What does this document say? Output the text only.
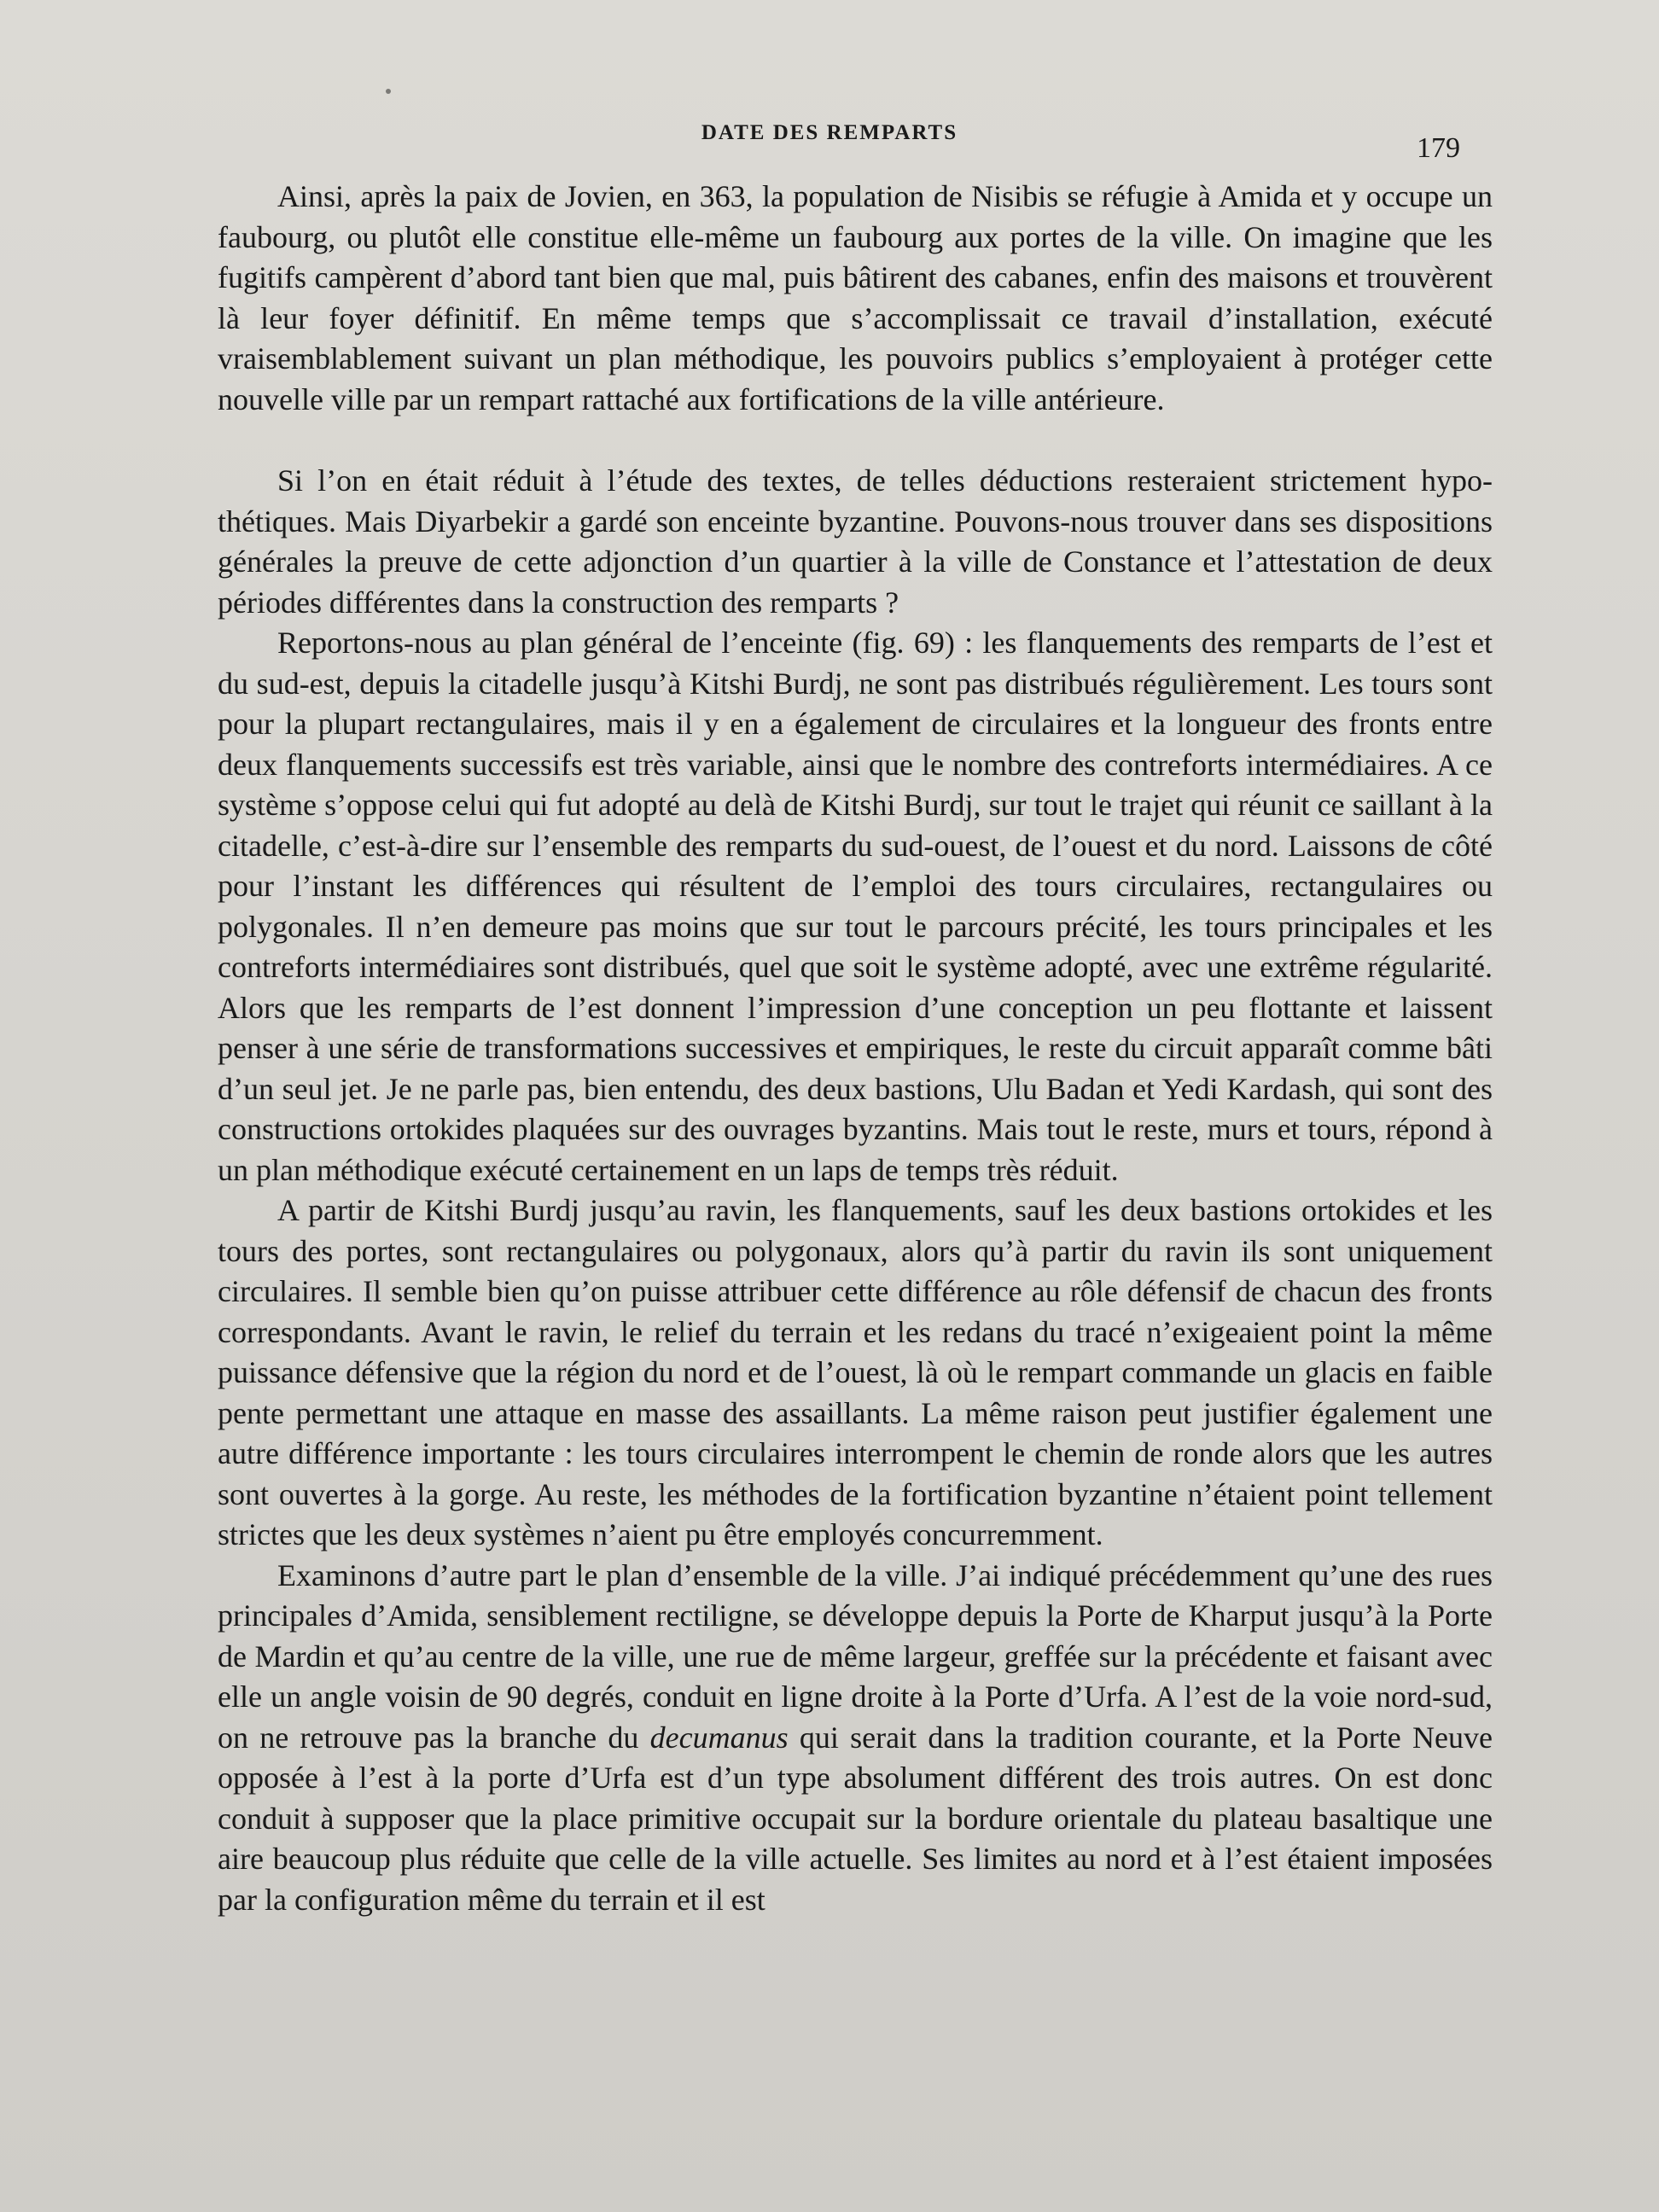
DATE DES REMPARTS	179

Ainsi, après la paix de Jovien, en 363, la population de Nisibis se réfugie à Amida et y occupe un faubourg, ou plutôt elle constitue elle-même un faubourg aux portes de la ville. On imagine que les fugitifs campèrent d’abord tant bien que mal, puis bâtirent des cabanes, enfin des maisons et trouvèrent là leur foyer définitif. En même temps que s’accomplissait ce travail d’installation, exécuté vraisemblablement suivant un plan méthodique, les pouvoirs publics s’employaient à protéger cette nouvelle ville par un rempart rattaché aux fortifications de la ville antérieure.

Si l’on en était réduit à l’étude des textes, de telles déductions resteraient strictement hypothétiques. Mais Diyarbekir a gardé son enceinte byzantine. Pouvons-nous trouver dans ses dispositions générales la preuve de cette adjonction d’un quartier à la ville de Constance et l’attestation de deux périodes différentes dans la construction des remparts ?

Reportons-nous au plan général de l’enceinte (fig. 69) : les flanquements des remparts de l’est et du sud-est, depuis la citadelle jusqu’à Kitshi Burdj, ne sont pas distribués régulièrement. Les tours sont pour la plupart rectangulaires, mais il y en a également de circulaires et la longueur des fronts entre deux flanquements successifs est très variable, ainsi que le nombre des contreforts intermédiaires. A ce système s’oppose celui qui fut adopté au delà de Kitshi Burdj, sur tout le trajet qui réunit ce saillant à la citadelle, c’est-à-dire sur l’ensemble des remparts du sud-ouest, de l’ouest et du nord. Laissons de côté pour l’instant les différences qui résultent de l’emploi des tours circulaires, rectangulaires ou polygonales. Il n’en demeure pas moins que sur tout le parcours précité, les tours principales et les contreforts intermédiaires sont distribués, quel que soit le système adopté, avec une extrême régularité. Alors que les remparts de l’est donnent l’impression d’une conception un peu flottante et laissent penser à une série de transformations successives et empiriques, le reste du circuit apparaît comme bâti d’un seul jet. Je ne parle pas, bien entendu, des deux bastions, Ulu Badan et Yedi Kardash, qui sont des constructions ortokides plaquées sur des ouvrages byzantins. Mais tout le reste, murs et tours, répond à un plan méthodique exécuté certainement en un laps de temps très réduit.

A partir de Kitshi Burdj jusqu’au ravin, les flanquements, sauf les deux bastions ortokides et les tours des portes, sont rectangulaires ou polygonaux, alors qu’à partir du ravin ils sont uniquement circulaires. Il semble bien qu’on puisse attribuer cette différence au rôle défensif de chacun des fronts correspondants. Avant le ravin, le relief du terrain et les redans du tracé n’exigeaient point la même puissance défensive que la région du nord et de l’ouest, là où le rempart commande un glacis en faible pente permettant une attaque en masse des assaillants. La même raison peut justifier également une autre différence importante : les tours circulaires interrompent le chemin de ronde alors que les autres sont ouvertes à la gorge. Au reste, les méthodes de la fortification byzantine n’étaient point tellement strictes que les deux systèmes n’aient pu être employés concurremment.

Examinons d’autre part le plan d’ensemble de la ville. J’ai indiqué précédemment qu’une des rues principales d’Amida, sensiblement rectiligne, se développe depuis la Porte de Kharput jusqu’à la Porte de Mardin et qu’au centre de la ville, une rue de même largeur, greffée sur la précédente et faisant avec elle un angle voisin de 90 degrés, conduit en ligne droite à la Porte d’Urfa. A l’est de la voie nord-sud, on ne retrouve pas la branche du decumanus qui serait dans la tradition courante, et la Porte Neuve opposée à l’est à la porte d’Urfa est d’un type absolument différent des trois autres. On est donc conduit à supposer que la place primitive occupait sur la bordure orientale du plateau basaltique une aire beaucoup plus réduite que celle de la ville actuelle. Ses limites au nord et à l’est étaient imposées par la configuration même du terrain et il est
